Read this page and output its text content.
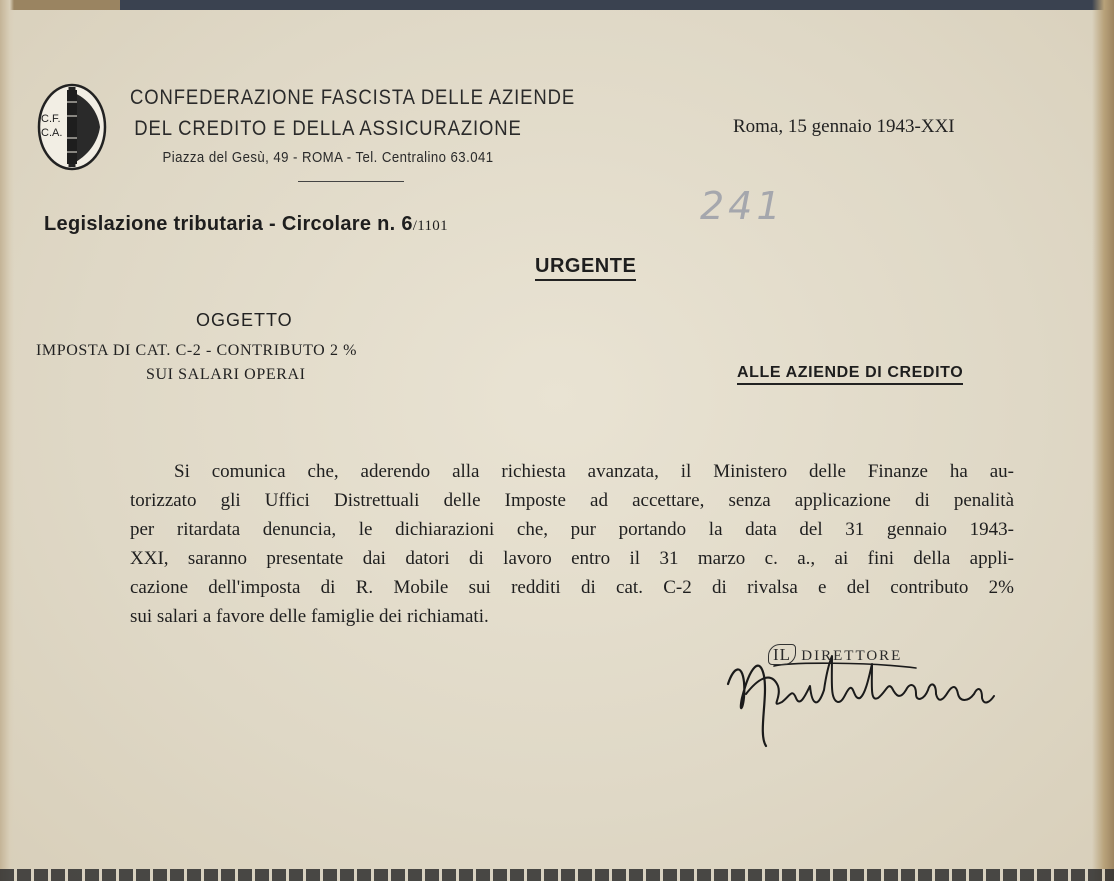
C.F.
C.A.
CONFEDERAZIONE FASCISTA DELLE AZIENDE
DEL CREDITO E DELLA ASSICURAZIONE
Piazza del Gesù, 49 - ROMA - Tel. Centralino 63.041
Roma, 15 gennaio 1943-XXI
241
Legislazione tributaria - Circolare n. 6/1101
URGENTE
OGGETTO
IMPOSTA DI CAT. C-2 - CONTRIBUTO 2 %
SUI SALARI OPERAI	ALLE AZIENDE DI CREDITO
Si comunica che, aderendo alla richiesta avanzata, il Ministero delle Finanze ha au-
torizzato gli Uffici Distrettuali delle Imposte ad accettare, senza applicazione di penalità
per ritardata denuncia, le dichiarazioni che, pur portando la data del 31 gennaio 1943-
XXI, saranno presentate dai datori di lavoro entro il 31 marzo c. a., ai fini della appli-
cazione dell'imposta di R. Mobile sui redditi di cat. C-2 di rivalsa e del contributo 2%
sui salari a favore delle famiglie dei richiamati.
IL DIRETTORE
